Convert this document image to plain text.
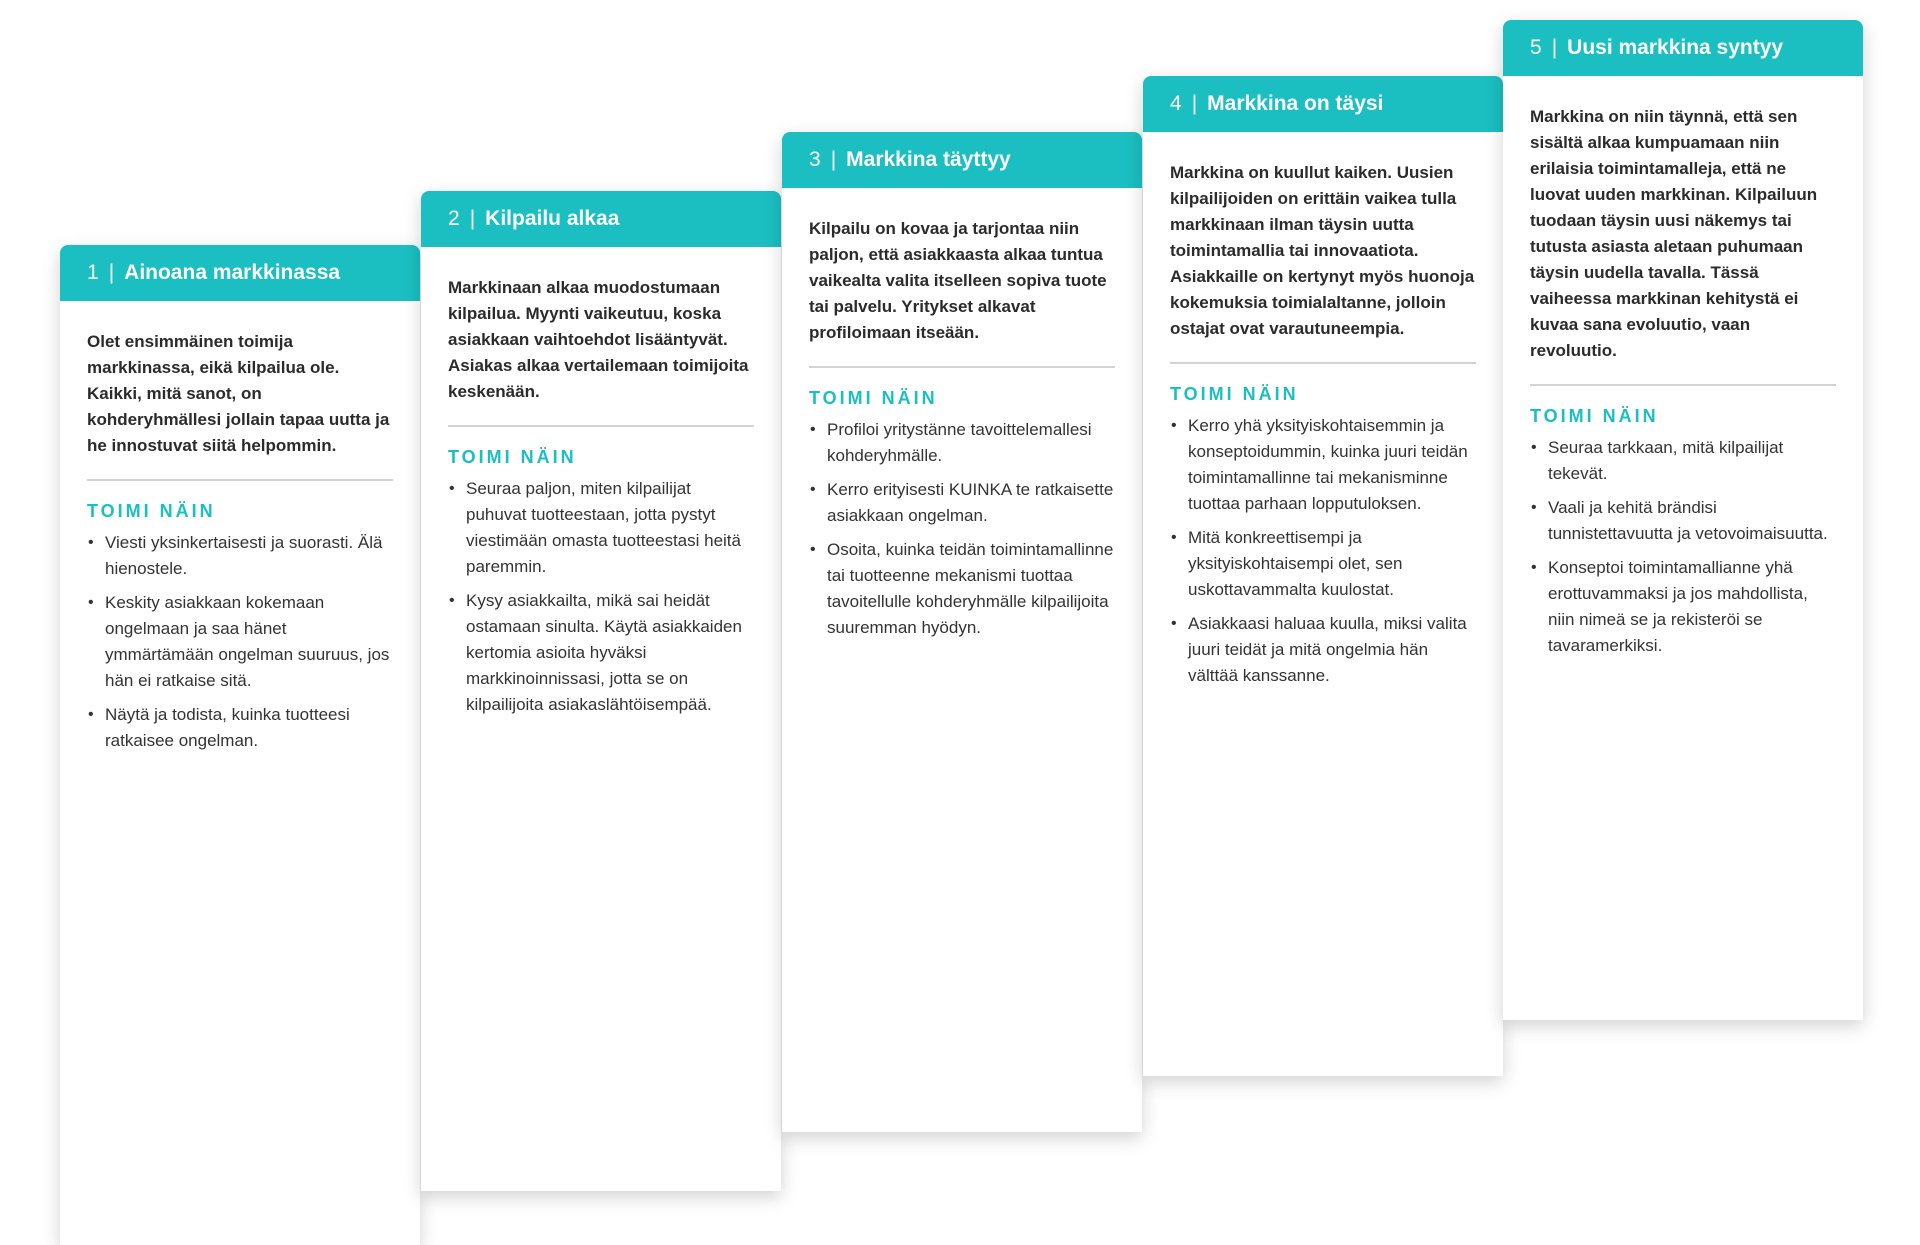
1 | Ainoana markkinassa

Olet ensimmäinen toimija markkinassa, eikä kilpailua ole. Kaikki, mitä sanot, on kohderyhmällesi jollain tapaa uutta ja he innostuvat siitä helpommin.

TOIMI NÄIN
• Viesti yksinkertaisesti ja suorasti. Älä hienostele.
• Keskity asiakkaan kokemaan ongelmaan ja saa hänet ymmärtämään ongelman suuruus, jos hän ei ratkaise sitä.
• Näytä ja todista, kuinka tuotteesi ratkaisee ongelman.
2 | Kilpailu alkaa

Markkinaan alkaa muodostumaan kilpailua. Myynti vaikeutuu, koska asiakkaan vaihtoehdot lisääntyvät. Asiakas alkaa vertailemaan toimijoita keskenään.

TOIMI NÄIN
• Seuraa paljon, miten kilpailijat puhuvat tuotteestaan, jotta pystyt viestimään omasta tuotteestasi heitä paremmin.
• Kysy asiakkailta, mikä sai heidät ostamaan sinulta. Käytä asiakkaiden kertomia asioita hyväksi markkinoinnissasi, jotta se on kilpailijoita asiakaslähtöisempää.
3 | Markkina täyttyy

Kilpailu on kovaa ja tarjontaa niin paljon, että asiakkaasta alkaa tuntua vaikealta valita itselleen sopiva tuote tai palvelu. Yritykset alkavat profiloimaan itseään.

TOIMI NÄIN
• Profiloi yritystänne tavoittelemallesi kohderyhmälle.
• Kerro erityisesti KUINKA te ratkaisette asiakkaan ongelman.
• Osoita, kuinka teidän toimintamallinne tai tuotteenne mekanismi tuottaa tavoitellulle kohderyhmälle kilpailijoita suuremman hyödyn.
4 | Markkina on täysi

Markkina on kuullut kaiken. Uusien kilpailijoiden on erittäin vaikea tulla markkinaan ilman täysin uutta toimintamallia tai innovaatiota. Asiakkaille on kertynyt myös huonoja kokemuksia toimialaltanne, jolloin ostajat ovat varautuneempia.

TOIMI NÄIN
• Kerro yhä yksityiskohtaisemmin ja konseptoidummin, kuinka juuri teidän toimintamallinne tai mekanisminne tuottaa parhaan lopputuloksen.
• Mitä konkreettisempi ja yksityiskohtaisempi olet, sen uskottavammalta kuulostat.
• Asiakkaasi haluaa kuulla, miksi valita juuri teidät ja mitä ongelmia hän välttää kanssanne.
5 | Uusi markkina syntyy

Markkina on niin täynnä, että sen sisältä alkaa kumpuamaan niin erilaisia toimintamalleja, että ne luovat uuden markkinan. Kilpailuun tuodaan täysin uusi näkemys tai tutusta asiasta aletaan puhumaan täysin uudella tavalla. Tässä vaiheessa markkinan kehitystä ei kuvaa sana evoluutio, vaan revoluutio.

TOIMI NÄIN
• Seuraa tarkkaan, mitä kilpailijat tekevät.
• Vaali ja kehitä brändisi tunnistettavuutta ja vetovoimaisuutta.
• Konseptoi toimintamallianne yhä erottuvammaksi ja jos mahdollista, niin nimeä se ja rekisteröi se tavaramerkiksi.
